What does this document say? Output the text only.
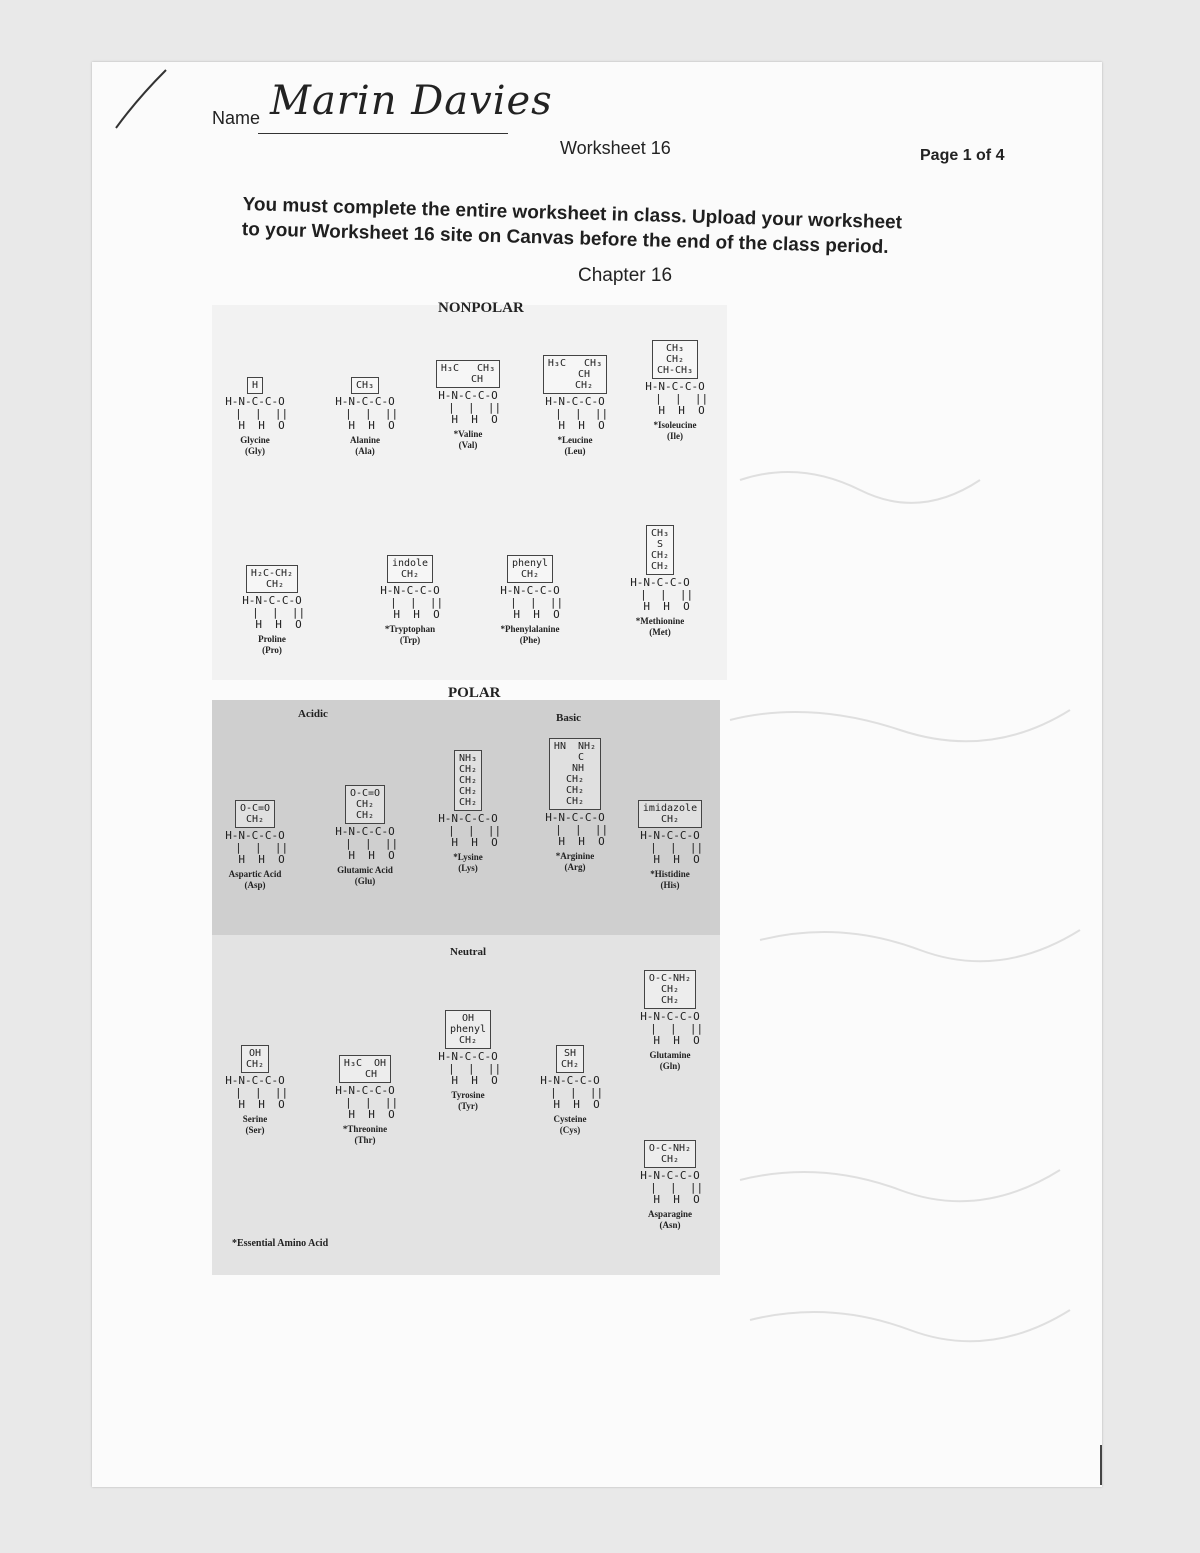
Name Marin Davies
Worksheet 16	Page 1 of 4
You must complete the entire worksheet in class. Upload your worksheet to your Worksheet 16 site on Canvas before the end of the class period.
Chapter 16
NONPOLAR
POLAR
Acidic	Basic
Neutral
H
H-N-C-C-O
|  |  ||
H  H  O
Glycine
(Gly)
CH₃
H-N-C-C-O
|  |  ||
H  H  O
Alanine
(Ala)
H₃C   CH₃
CH
H-N-C-C-O
|  |  ||
H  H  O
*Valine
(Val)
H₃C   CH₃
CH
CH₂
H-N-C-C-O
|  |  ||
H  H  O
*Leucine
(Leu)
CH₃
CH₂
CH-CH₃
H-N-C-C-O
|  |  ||
H  H  O
*Isoleucine
(Ile)
H₂C-CH₂
CH₂
H-N-C-C-O
|  |  ||
H  H  O
Proline
(Pro)
indole
CH₂
H-N-C-C-O
|  |  ||
H  H  O
*Tryptophan
(Trp)
phenyl
CH₂
H-N-C-C-O
|  |  ||
H  H  O
*Phenylalanine
(Phe)
CH₃
S
CH₂
CH₂
H-N-C-C-O
|  |  ||
H  H  O
*Methionine
(Met)
O-C=O
CH₂
H-N-C-C-O
|  |  ||
H  H  O
Aspartic Acid
(Asp)
O-C=O
CH₂
CH₂
H-N-C-C-O
|  |  ||
H  H  O
Glutamic Acid
(Glu)
NH₃
CH₂
CH₂
CH₂
CH₂
H-N-C-C-O
|  |  ||
H  H  O
*Lysine
(Lys)
HN  NH₂
C
NH
CH₂
CH₂
CH₂
H-N-C-C-O
|  |  ||
H  H  O
*Arginine
(Arg)
imidazole
CH₂
H-N-C-C-O
|  |  ||
H  H  O
*Histidine
(His)
O-C-NH₂
CH₂
CH₂
H-N-C-C-O
|  |  ||
H  H  O
Glutamine
(Gln)
OH
CH₂
H-N-C-C-O
|  |  ||
H  H  O
Serine
(Ser)
H₃C  OH
CH
H-N-C-C-O
|  |  ||
H  H  O
*Threonine
(Thr)
OH
phenyl
CH₂
H-N-C-C-O
|  |  ||
H  H  O
Tyrosine
(Tyr)
SH
CH₂
H-N-C-C-O
|  |  ||
H  H  O
Cysteine
(Cys)
O-C-NH₂
CH₂
H-N-C-C-O
|  |  ||
H  H  O
Asparagine
(Asn)
*Essential Amino Acid
